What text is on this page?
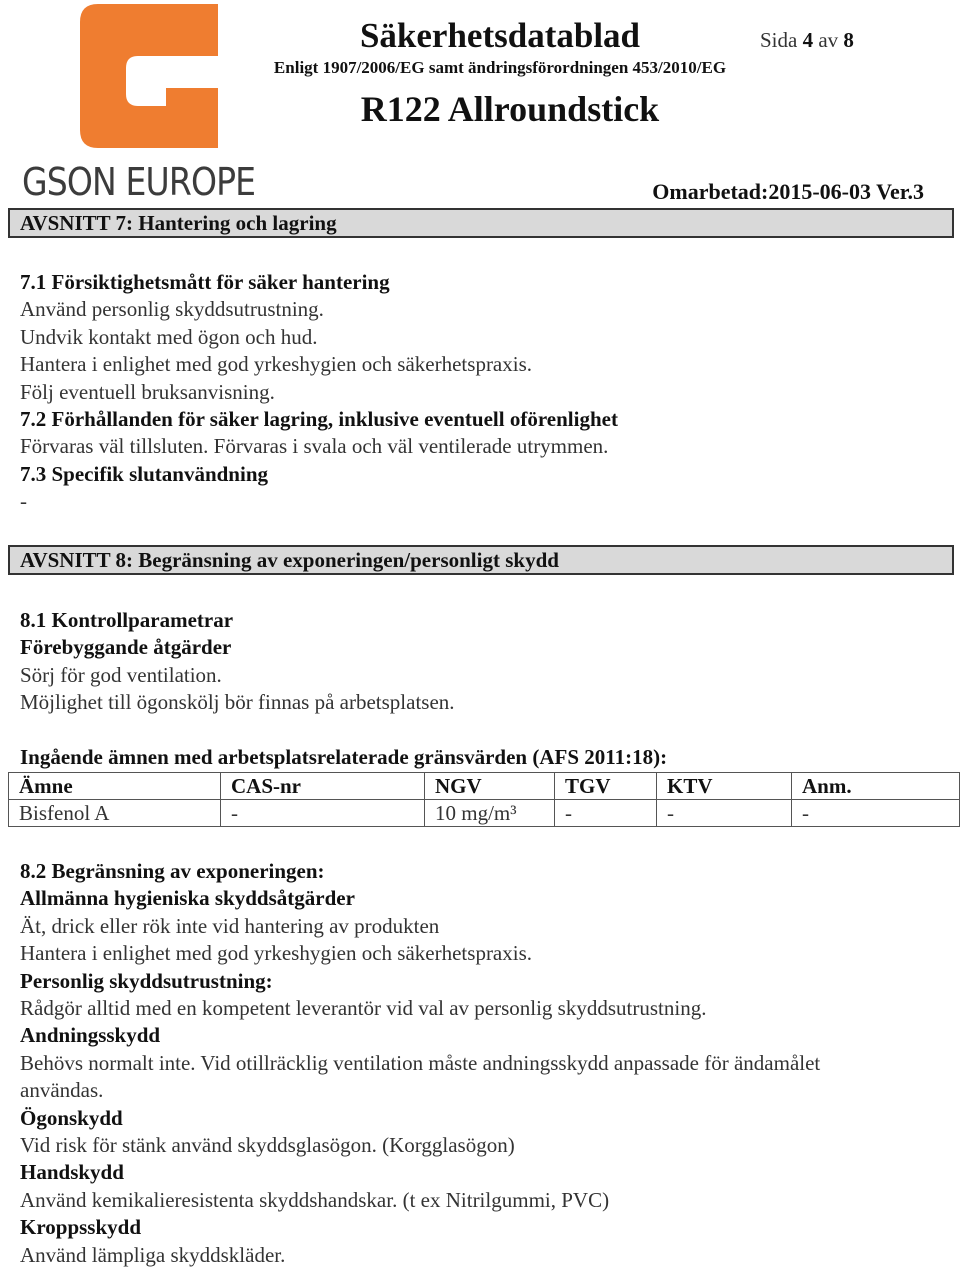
GSON EUROPE
Säkerhetsdatablad
Enligt 1907/2006/EG samt ändringsförordningen 453/2010/EG
R122 Allroundstick
Sida 4 av 8
Omarbetad:2015-06-03 Ver.3
AVSNITT 7: Hantering och lagring
7.1 Försiktighetsmått för säker hantering
Använd personlig skyddsutrustning.
Undvik kontakt med ögon och hud.
Hantera i enlighet med god yrkeshygien och säkerhetspraxis.
Följ eventuell bruksanvisning.
7.2 Förhållanden för säker lagring, inklusive eventuell oförenlighet
Förvaras väl tillsluten. Förvaras i svala och väl ventilerade utrymmen.
7.3 Specifik slutanvändning
-
AVSNITT 8: Begränsning av exponeringen/personligt skydd
8.1 Kontrollparametrar
Förebyggande åtgärder
Sörj för god ventilation.
Möjlighet till ögonskölj bör finnas på arbetsplatsen.
Ingående ämnen med arbetsplatsrelaterade gränsvärden (AFS 2011:18):
Ämne	CAS-nr	NGV	TGV	KTV	Anm.
Bisfenol A	-	10 mg/m³	-	-	-
8.2 Begränsning av exponeringen:
Allmänna hygieniska skyddsåtgärder
Ät, drick eller rök inte vid hantering av produkten
Hantera i enlighet med god yrkeshygien och säkerhetspraxis.
Personlig skyddsutrustning:
Rådgör alltid med en kompetent leverantör vid val av personlig skyddsutrustning.
Andningsskydd
Behövs normalt inte. Vid otillräcklig ventilation måste andningsskydd anpassade för ändamålet
användas.
Ögonskydd
Vid risk för stänk använd skyddsglasögon. (Korgglasögon)
Handskydd
Använd kemikalieresistenta skyddshandskar. (t ex Nitrilgummi, PVC)
Kroppsskydd
Använd lämpliga skyddskläder.
